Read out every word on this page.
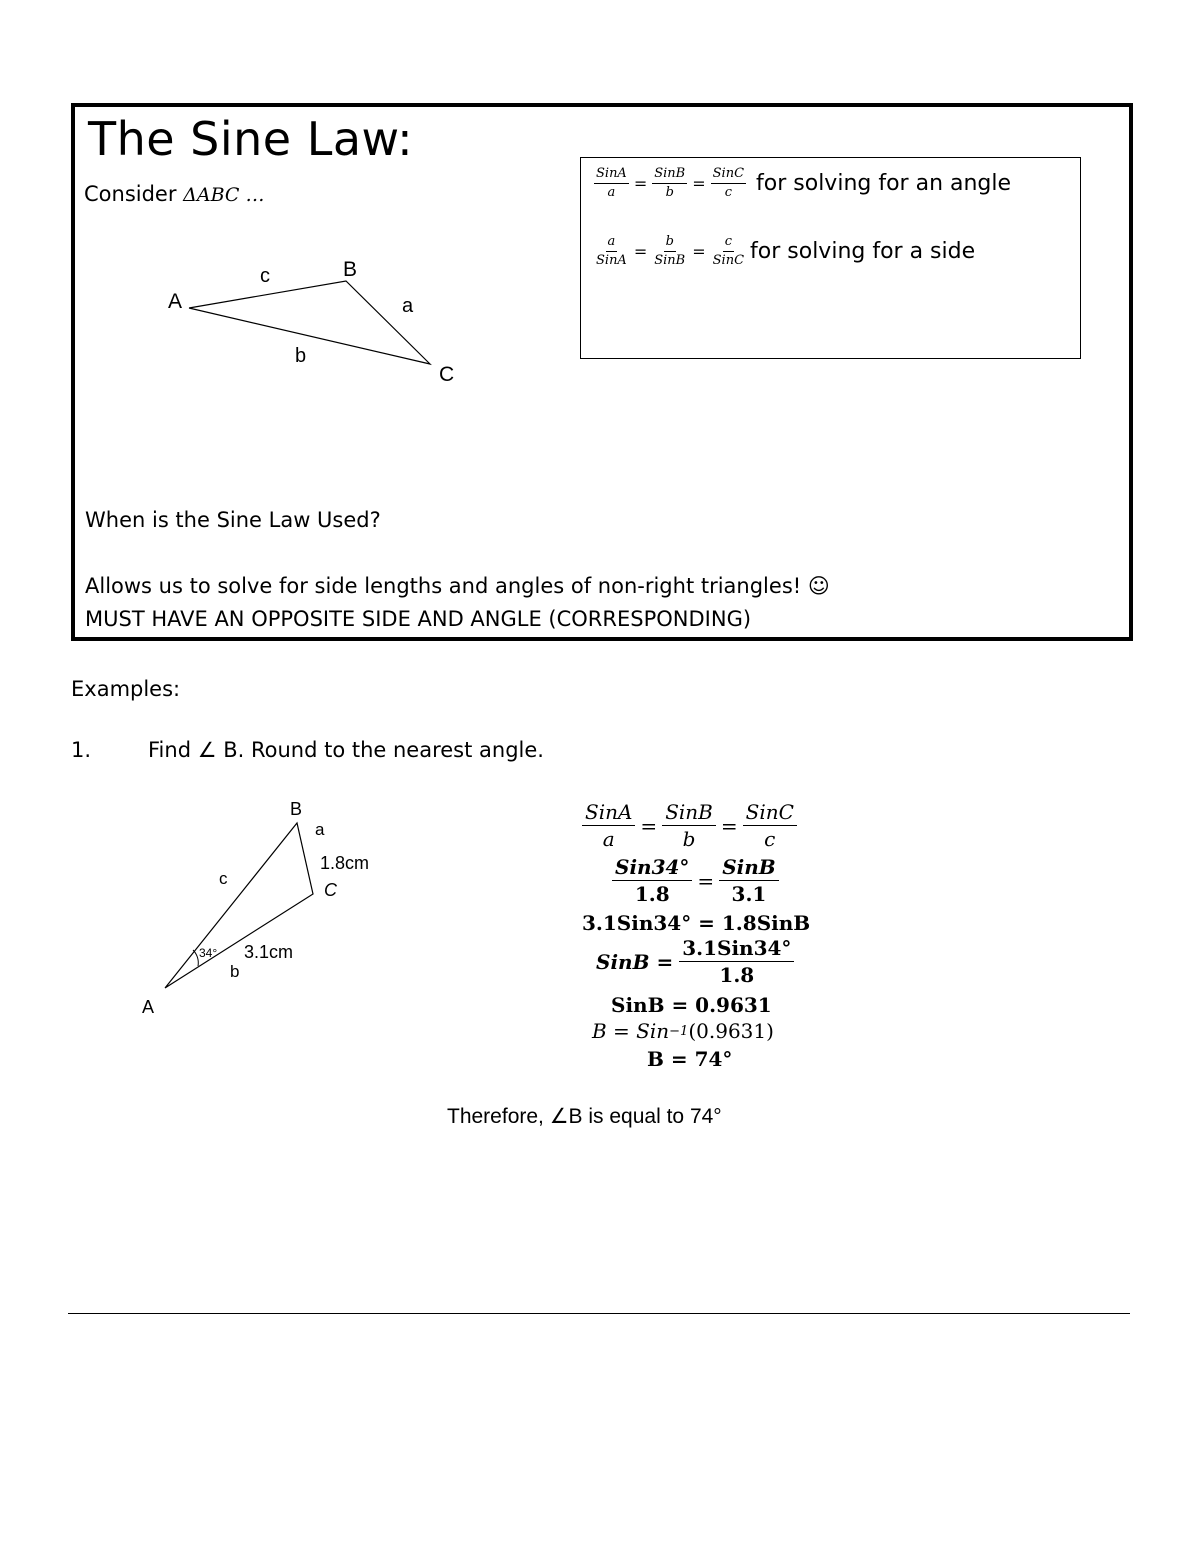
The Sine Law:
Consider ΔABC …
A
B
C
a
b
c
$\frac{\text{SinA}}{a} = \frac{\text{SinB}}{b} = \frac{\text{SinC}}{c}$ for solving for an angle
$\frac{a}{\text{SinA}} = \frac{b}{\text{SinB}} = \frac{c}{\text{SinC}}$ for solving for a side
When is the Sine Law Used?
Allows us to solve for side lengths and angles of non-right triangles! ☺
MUST HAVE AN OPPOSITE SIDE AND ANGLE (CORRESPONDING)
Examples:
1.	Find ∠ B. Round to the nearest angle.
B
A
C
a
1.8cm
c
3.1cm
b
34°
$\frac{\text{SinA}}{a} = \frac{\text{SinB}}{b} = \frac{\text{SinC}}{c}$
$\frac{\text{Sin34°}}{1.8} = \frac{\text{SinB}}{3.1}$
3.1Sin34° = 1.8SinB
SinB = $\frac{\text{3.1Sin34°}}{1.8}$
SinB = 0.9631
B = Sin −1 (0.9631)
B = 74°
Therefore, ∠B is equal to 74°
